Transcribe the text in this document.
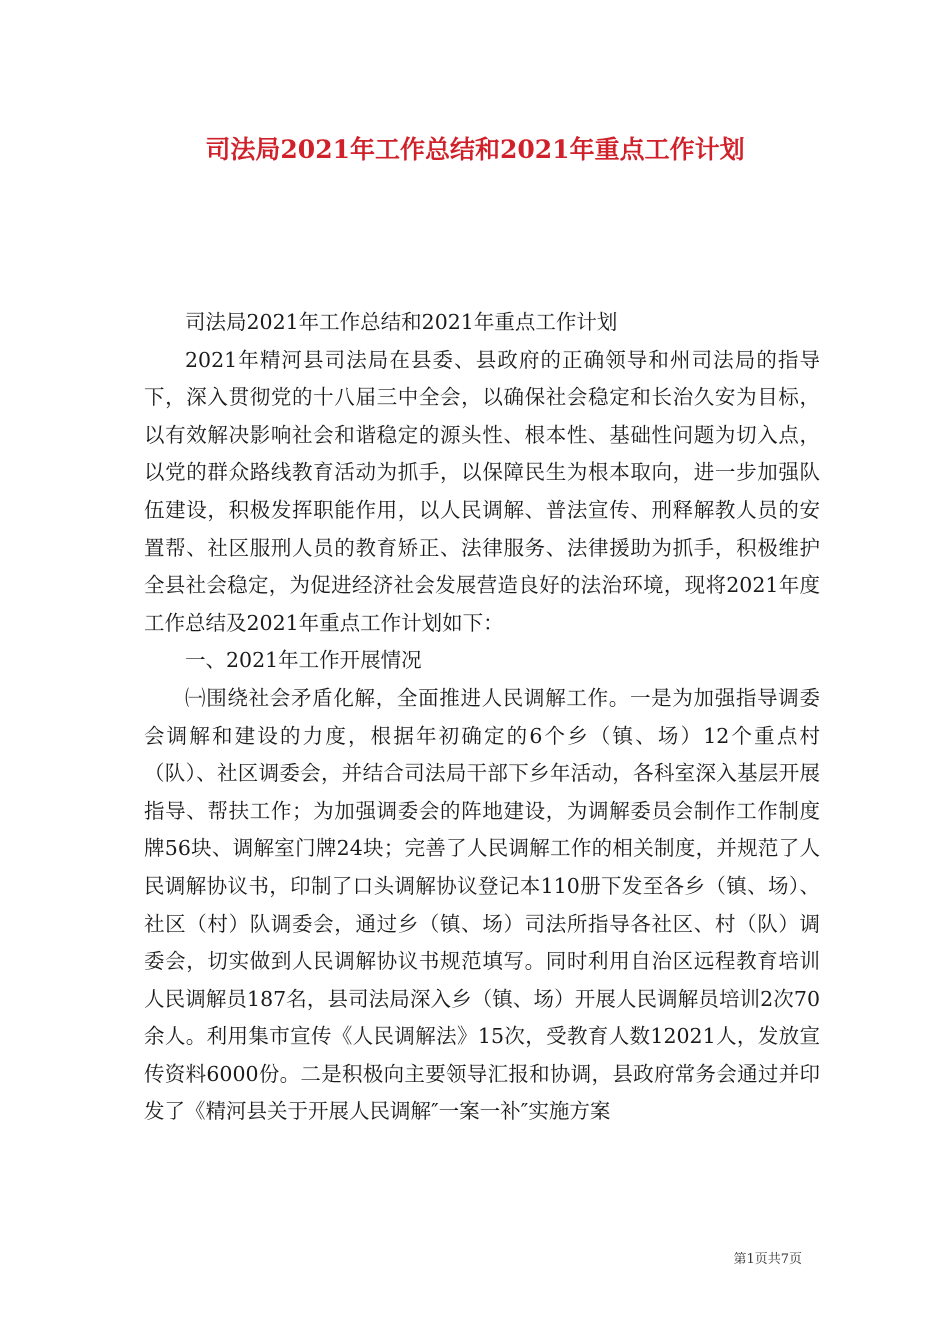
司法局2021年工作总结和2021年重点工作计划

司法局2021年工作总结和2021年重点工作计划

2021年精河县司法局在县委、县政府的正确领导和州司法局的指导下，深入贯彻党的十八届三中全会，以确保社会稳定和长治久安为目标，以有效解决影响社会和谐稳定的源头性、根本性、基础性问题为切入点，以党的群众路线教育活动为抓手，以保障民生为根本取向，进一步加强队伍建设，积极发挥职能作用，以人民调解、普法宣传、刑释解教人员的安置帮、社区服刑人员的教育矫正、法律服务、法律援助为抓手，积极维护全县社会稳定，为促进经济社会发展营造良好的法治环境，现将2021年度工作总结及2021年重点工作计划如下：

一、2021年工作开展情况

㈠围绕社会矛盾化解，全面推进人民调解工作。一是为加强指导调委会调解和建设的力度，根据年初确定的6个乡（镇、场）12个重点村（队）、社区调委会，并结合司法局干部下乡年活动，各科室深入基层开展指导、帮扶工作；为加强调委会的阵地建设，为调解委员会制作工作制度牌56块、调解室门牌24块；完善了人民调解工作的相关制度，并规范了人民调解协议书，印制了口头调解协议登记本110册下发至各乡（镇、场）、社区（村）队调委会，通过乡（镇、场）司法所指导各社区、村（队）调委会，切实做到人民调解协议书规范填写。同时利用自治区远程教育培训人民调解员187名，县司法局深入乡（镇、场）开展人民调解员培训2次70余人。利用集市宣传《人民调解法》15次，受教育人数12021人，发放宣传资料6000份。二是积极向主要领导汇报和协调，县政府常务会通过并印发了《精河县关于开展人民调解″一案一补″实施方案

第1页共7页
